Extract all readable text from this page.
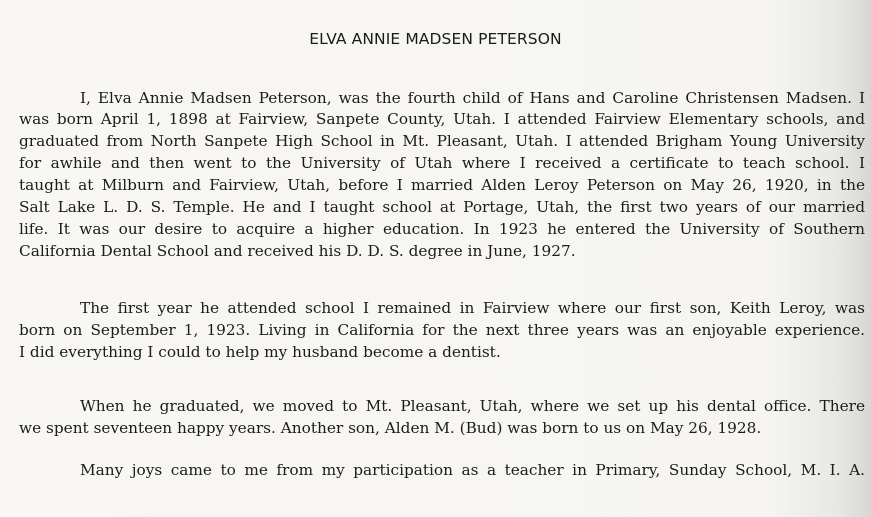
ELVA ANNIE MADSEN PETERSON
I, Elva Annie Madsen Peterson, was the fourth child of Hans and Caroline Christensen Madsen. I
was born April 1, 1898 at Fairview, Sanpete County, Utah. I attended Fairview Elementary schools, and
graduated from North Sanpete High School in Mt. Pleasant, Utah. I attended Brigham Young University
for awhile and then went to the University of Utah where I received a certificate to teach school. I
taught at Milburn and Fairview, Utah, before I married Alden Leroy Peterson on May 26, 1920, in the
Salt Lake L. D. S. Temple. He and I taught school at Portage, Utah, the first two years of our married
life. It was our desire to acquire a higher education. In 1923 he entered the University of Southern
California Dental School and received his D. D. S. degree in June, 1927.
The first year he attended school I remained in Fairview where our first son, Keith Leroy, was
born on September 1, 1923. Living in California for the next three years was an enjoyable experience.
I did everything I could to help my husband become a dentist.
When he graduated, we moved to Mt. Pleasant, Utah, where we set up his dental office. There
we spent seventeen happy years. Another son, Alden M. (Bud) was born to us on May 26, 1928.
Many joys came to me from my participation as a teacher in Primary, Sunday School, M. I. A.
